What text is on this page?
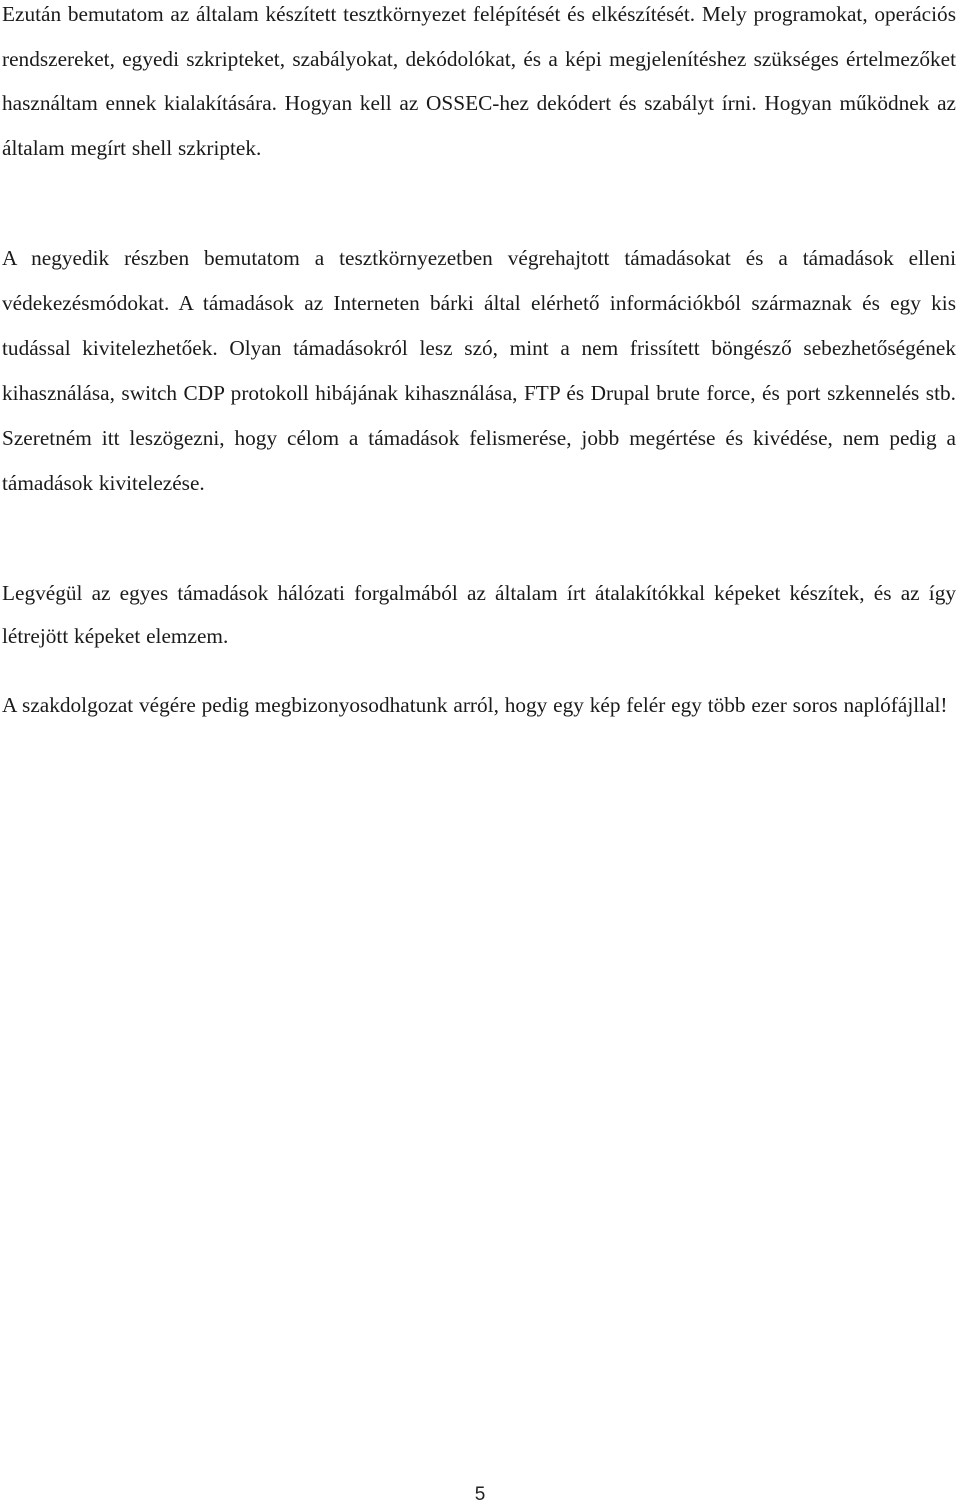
Ezután bemutatom az általam készített tesztkörnyezet felépítését és elkészítését. Mely programokat, operációs rendszereket, egyedi szkripteket, szabályokat, dekódolókat, és a képi megjelenítéshez szükséges értelmezőket használtam ennek kialakítására. Hogyan kell az OSSEC-hez dekódert és szabályt írni. Hogyan működnek az általam megírt shell szkriptek.

A negyedik részben bemutatom a tesztkörnyezetben végrehajtott támadásokat és a támadások elleni védekezésmódokat. A támadások az Interneten bárki által elérhető információkból származnak és egy kis tudással kivitelezhetőek. Olyan támadásokról lesz szó, mint a nem frissített böngésző sebezhetőségének kihasználása, switch CDP protokoll hibájának kihasználása, FTP és Drupal brute force, és port szkennelés stb. Szeretném itt leszögezni, hogy célom a támadások felismerése, jobb megértése és kivédése, nem pedig a támadások kivitelezése.

Legvégül az egyes támadások hálózati forgalmából az általam írt átalakítókkal képeket készítek, és az így létrejött képeket elemzem.

A szakdolgozat végére pedig megbizonyosodhatunk arról, hogy egy kép felér egy több ezer soros naplófájllal!

5
